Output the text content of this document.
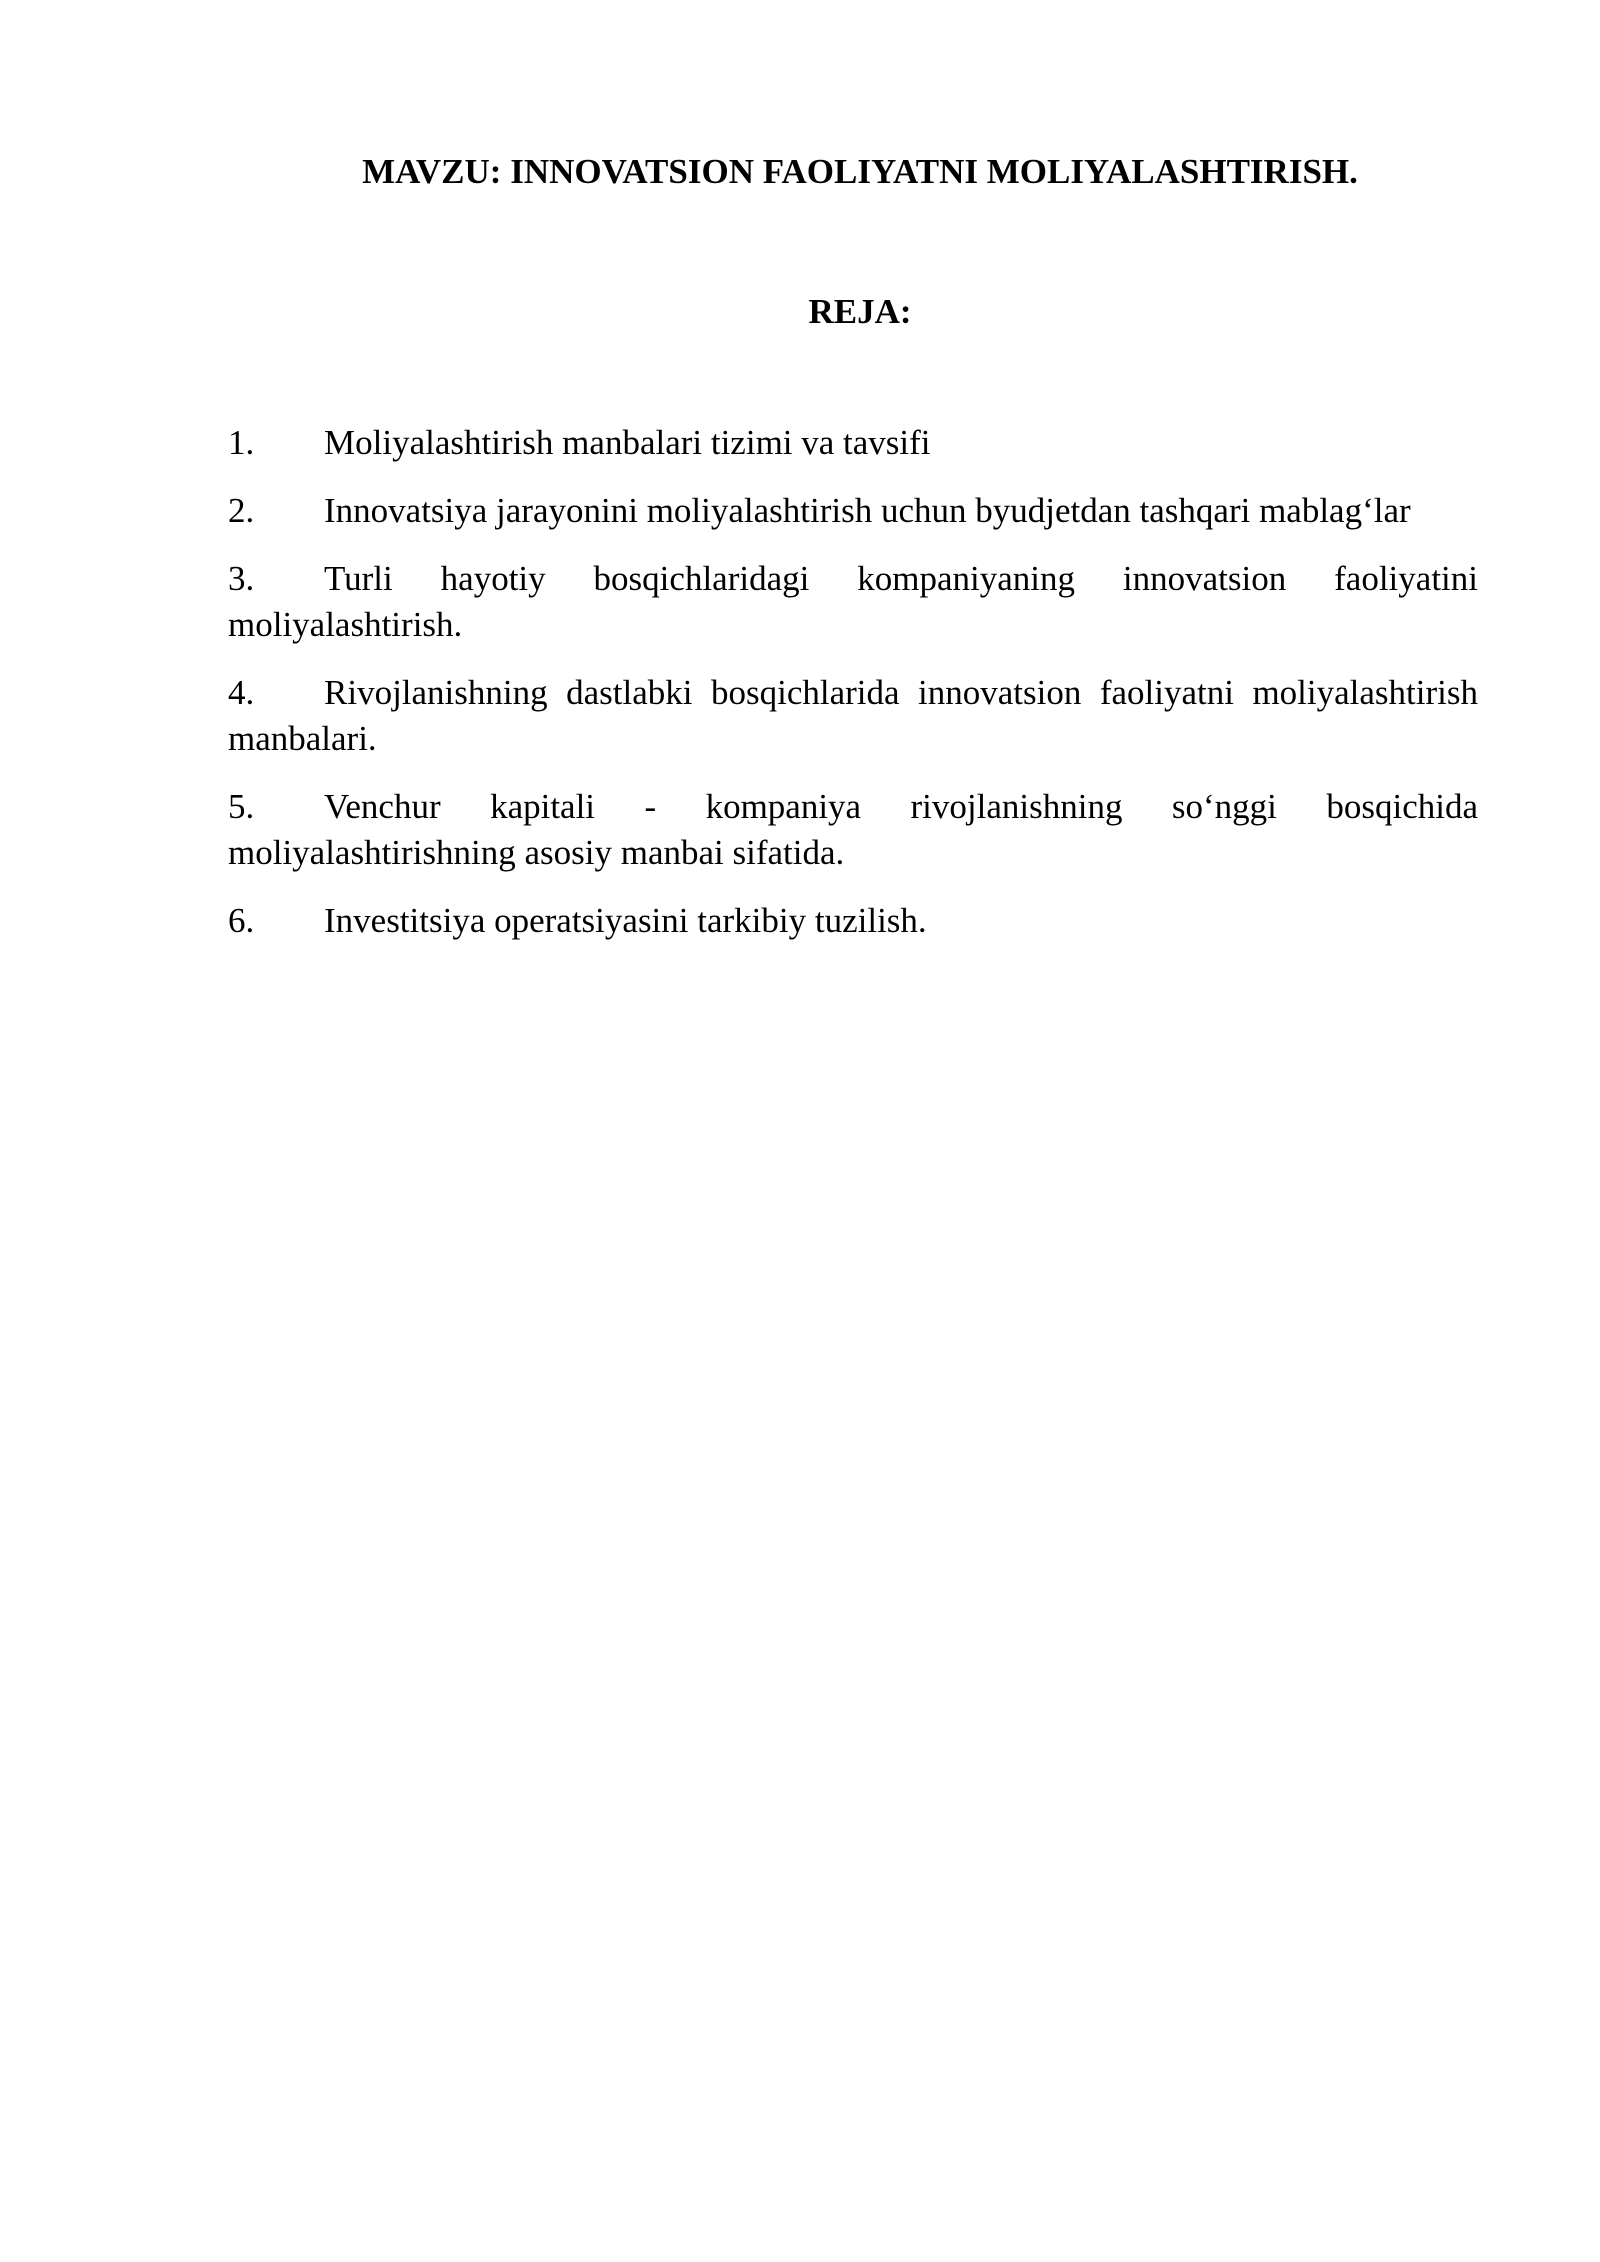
MAVZU: INNOVATSION FAOLIYATNI MOLIYALASHTIRISH.
REJA:
1. Moliyalashtirish manbalari tizimi va tavsifi
2. Innovatsiya jarayonini moliyalashtirish uchun byudjetdan tashqari mablag‘lar
3. Turli hayotiy bosqichlaridagi kompaniyaning innovatsion faoliyatini moliyalashtirish.
4. Rivojlanishning dastlabki bosqichlarida innovatsion faoliyatni moliyalashtirish manbalari.
5. Venchur kapitali - kompaniya rivojlanishning so‘nggi bosqichida moliyalashtirishning asosiy manbai sifatida.
6. Investitsiya operatsiyasini tarkibiy tuzilish.
